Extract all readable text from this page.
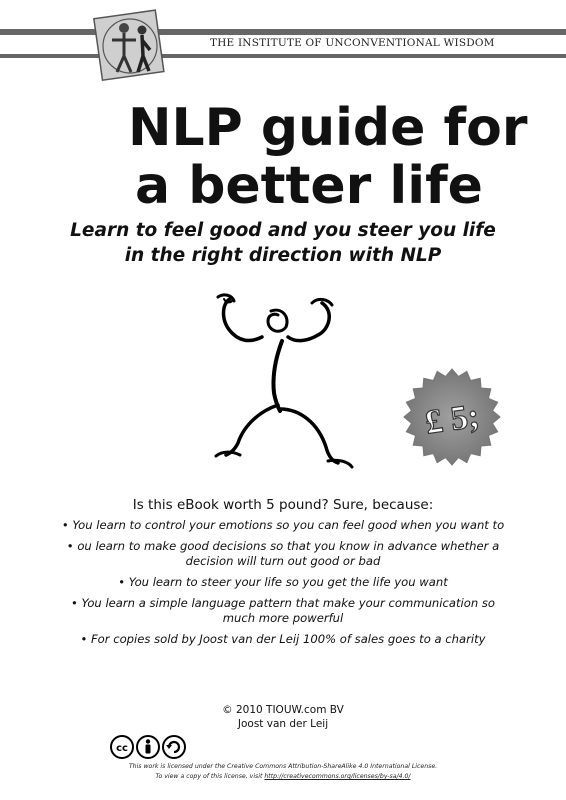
THE INSTITUTE OF UNCONVENTIONAL WISDOM
NLP guide for
a better life
Learn to feel good and you steer you life
in the right direction with NLP
£ 5;
Is this eBook worth 5 pound? Sure, because:
• You learn to control your emotions so you can feel good when you want to
• ou learn to make good decisions so that you know in advance whether a decision will turn out good or bad
• You learn to steer your life so you get the life you want
• You learn a simple language pattern that make your communication so much more powerful
• For copies sold by Joost van der Leij 100% of sales goes to a charity
© 2010 TIOUW.com BV
Joost van der Leij
cc
This work is licensed under the Creative Commons Attribution-ShareAlike 4.0 International License.
To view a copy of this license, visit http://creativecommons.org/licenses/by-sa/4.0/
